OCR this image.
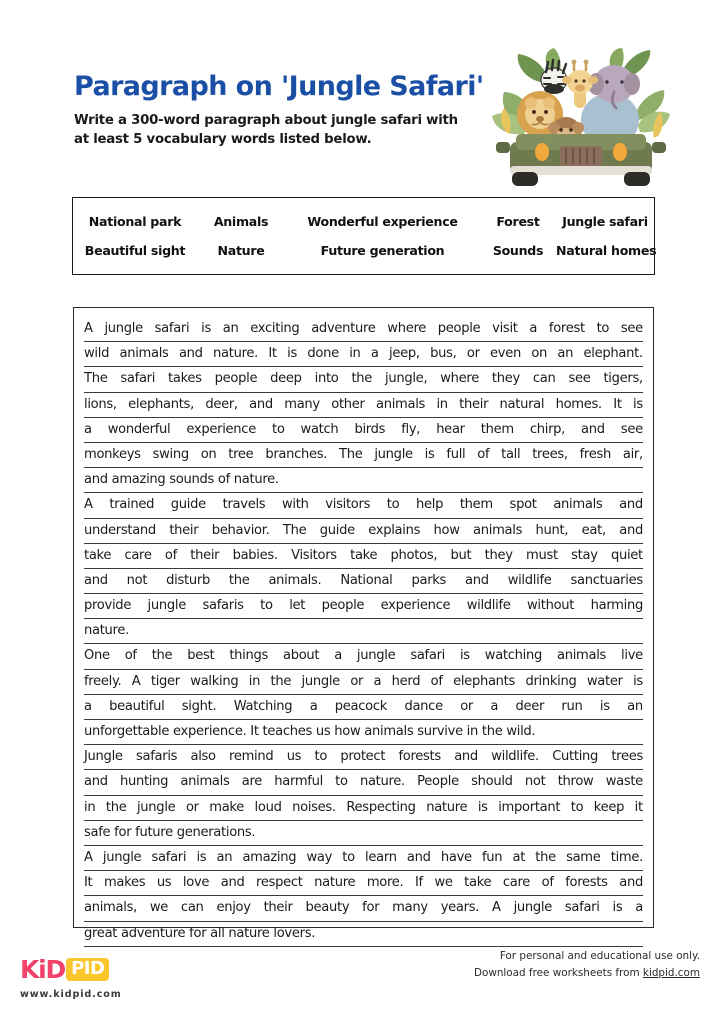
Paragraph on 'Jungle Safari'

Write a 300-word paragraph about jungle safari with at least 5 vocabulary words listed below.

National park	Animals	Wonderful experience	Forest	Jungle safari
Beautiful sight	Nature	Future generation	Sounds	Natural homes
A jungle safari is an exciting adventure where people visit a forest to see
wild animals and nature. It is done in a jeep, bus, or even on an elephant.
The safari takes people deep into the jungle, where they can see tigers,
lions, elephants, deer, and many other animals in their natural homes. It is
a wonderful experience to watch birds fly, hear them chirp, and see
monkeys swing on tree branches. The jungle is full of tall trees, fresh air,
and amazing sounds of nature.
A trained guide travels with visitors to help them spot animals and
understand their behavior. The guide explains how animals hunt, eat, and
take care of their babies. Visitors take photos, but they must stay quiet
and not disturb the animals. National parks and wildlife sanctuaries
provide jungle safaris to let people experience wildlife without harming
nature.
One of the best things about a jungle safari is watching animals live
freely. A tiger walking in the jungle or a herd of elephants drinking water is
a beautiful sight. Watching a peacock dance or a deer run is an
unforgettable experience. It teaches us how animals survive in the wild.
Jungle safaris also remind us to protect forests and wildlife. Cutting trees
and hunting animals are harmful to nature. People should not throw waste
in the jungle or make loud noises. Respecting nature is important to keep it
safe for future generations.
A jungle safari is an amazing way to learn and have fun at the same time.
It makes us love and respect nature more. If we take care of forests and
animals, we can enjoy their beauty for many years. A jungle safari is a
great adventure for all nature lovers.
KiD PID
www.kidpid.com
For personal and educational use only.
Download free worksheets from kidpid.com
